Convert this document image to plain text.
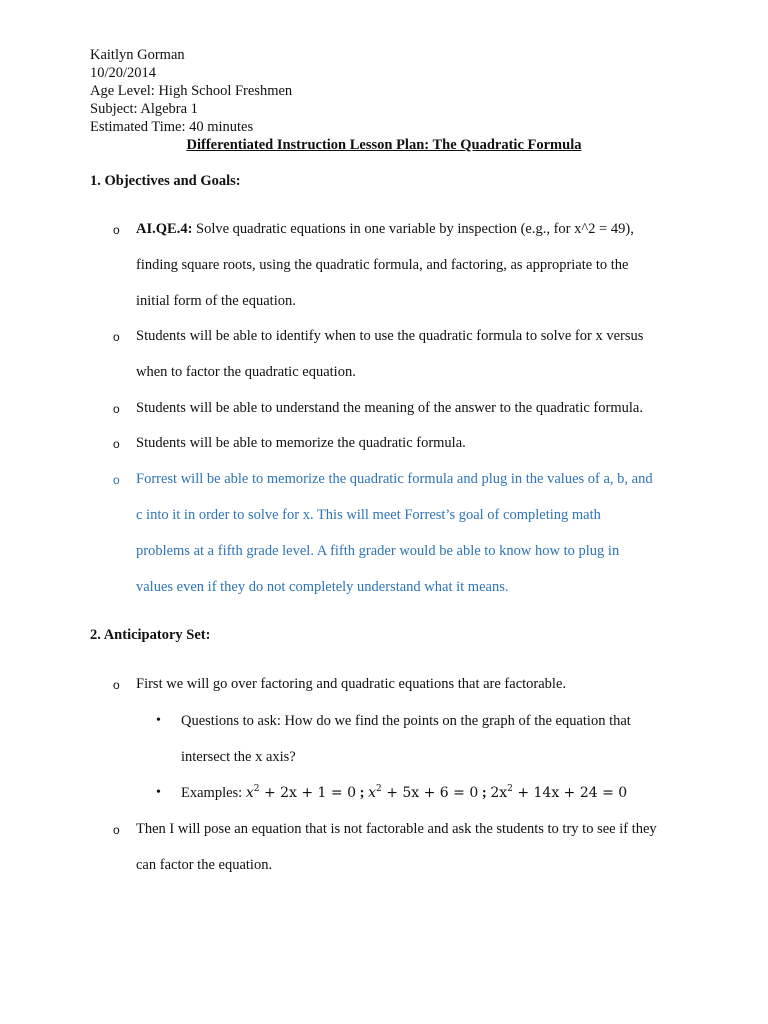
Kaitlyn Gorman
10/20/2014
Age Level: High School Freshmen
Subject: Algebra 1
Estimated Time: 40 minutes
Differentiated Instruction Lesson Plan: The Quadratic Formula
1. Objectives and Goals:
o AI.QE.4: Solve quadratic equations in one variable by inspection (e.g., for x^2 = 49),
finding square roots, using the quadratic formula, and factoring, as appropriate to the
initial form of the equation.
o Students will be able to identify when to use the quadratic formula to solve for x versus
when to factor the quadratic equation.
o Students will be able to understand the meaning of the answer to the quadratic formula.
o Students will be able to memorize the quadratic formula.
o Forrest will be able to memorize the quadratic formula and plug in the values of a, b, and
c into it in order to solve for x. This will meet Forrest’s goal of completing math
problems at a fifth grade level. A fifth grader would be able to know how to plug in
values even if they do not completely understand what it means.
2. Anticipatory Set:
o First we will go over factoring and quadratic equations that are factorable.
• Questions to ask: How do we find the points on the graph of the equation that
intersect the x axis?
• Examples: $x^2 + 2x + 1 = 0$ ; $x^2 + 5x + 6 = 0$ ; $2x^2 + 14x + 24 = 0$
o Then I will pose an equation that is not factorable and ask the students to try to see if they
can factor the equation.
